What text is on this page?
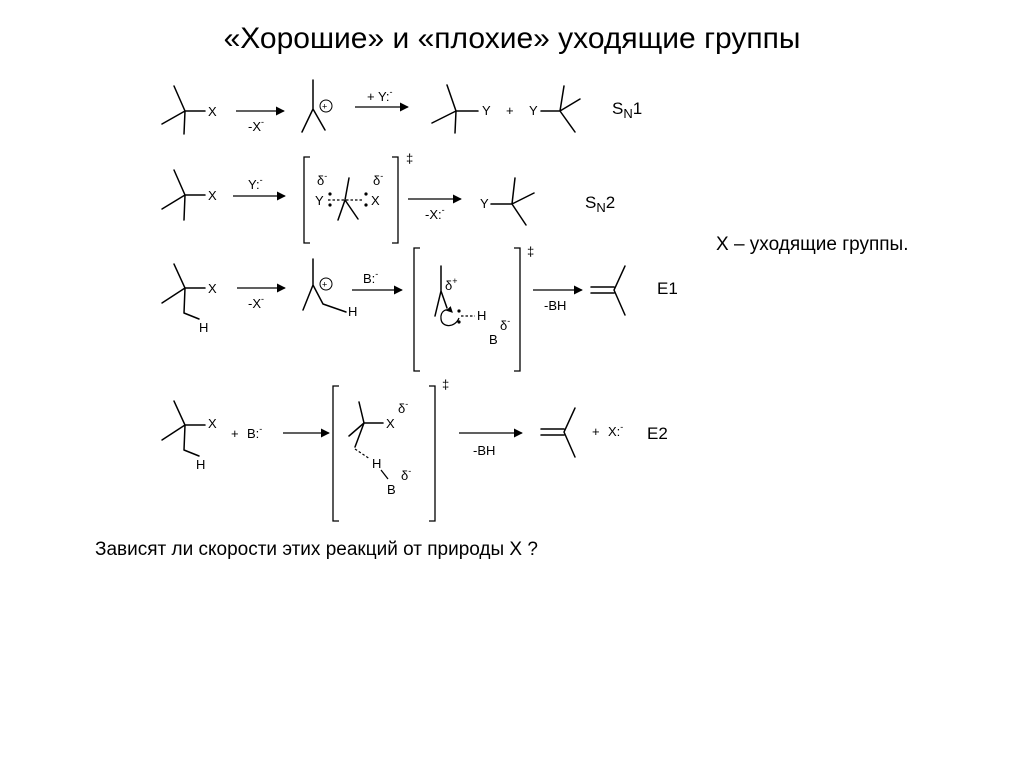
«Хорошие» и «плохие» уходящие группы
X – уходящие группы.
Зависят ли скорости этих реакций от природы X ?
X
-X-
+
+ Y:-
Y + Y	$S_N1$
X
Y:-
‡
δ-	δ-
Y	X
-X:-	Y	$S_N2$
X
H
-X-
+
H
B:-
‡
δ+
H
δ-
B
-BH
E1
X
H
+ B:-
‡
X
δ-
H
B
δ-
-BH
+ X:- E2
